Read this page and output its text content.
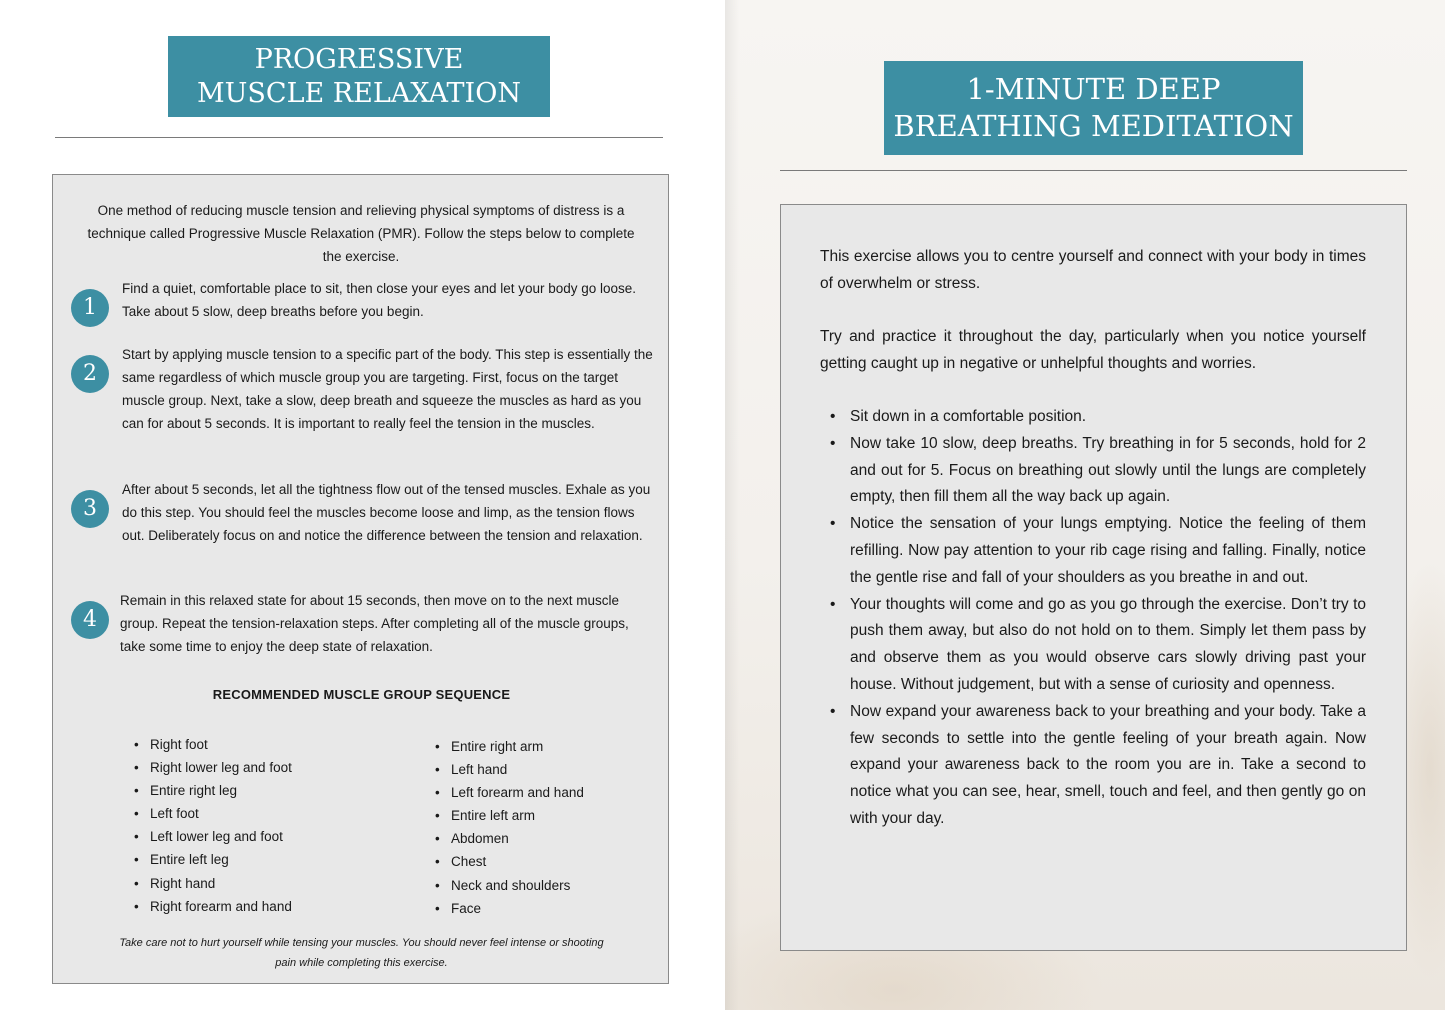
PROGRESSIVE
MUSCLE RELAXATION
One method of reducing muscle tension and relieving physical symptoms of distress is a technique called Progressive Muscle Relaxation (PMR). Follow the steps below to complete the exercise.
1
Find a quiet, comfortable place to sit, then close your eyes and let your body go loose. Take about 5 slow, deep breaths before you begin.
2
Start by applying muscle tension to a specific part of the body. This step is essentially the same regardless of which muscle group you are targeting. First, focus on the target muscle group. Next, take a slow, deep breath and squeeze the muscles as hard as you can for about 5 seconds. It is important to really feel the tension in the muscles.
3
After about 5 seconds, let all the tightness flow out of the tensed muscles. Exhale as you do this step. You should feel the muscles become loose and limp, as the tension flows out. Deliberately focus on and notice the difference between the tension and relaxation.
4
Remain in this relaxed state for about 15 seconds, then move on to the next muscle group. Repeat the tension-relaxation steps. After completing all of the muscle groups, take some time to enjoy the deep state of relaxation.
RECOMMENDED MUSCLE GROUP SEQUENCE
• Right foot
• Right lower leg and foot
• Entire right leg
• Left foot
• Left lower leg and foot
• Entire left leg
• Right hand
• Right forearm and hand
• Entire right arm
• Left hand
• Left forearm and hand
• Entire left arm
• Abdomen
• Chest
• Neck and shoulders
• Face
Take care not to hurt yourself while tensing your muscles. You should never feel intense or shooting pain while completing this exercise.
1-MINUTE DEEP
BREATHING MEDITATION
This exercise allows you to centre yourself and connect with your body in times of overwhelm or stress.
Try and practice it throughout the day, particularly when you notice yourself getting caught up in negative or unhelpful thoughts and worries.
• Sit down in a comfortable position.
• Now take 10 slow, deep breaths. Try breathing in for 5 seconds, hold for 2 and out for 5. Focus on breathing out slowly until the lungs are completely empty, then fill them all the way back up again.
• Notice the sensation of your lungs emptying. Notice the feeling of them refilling. Now pay attention to your rib cage rising and falling. Finally, notice the gentle rise and fall of your shoulders as you breathe in and out.
• Your thoughts will come and go as you go through the exercise. Don’t try to push them away, but also do not hold on to them. Simply let them pass by and observe them as you would observe cars slowly driving past your house. Without judgement, but with a sense of curiosity and openness.
• Now expand your awareness back to your breathing and your body. Take a few seconds to settle into the gentle feeling of your breath again. Now expand your awareness back to the room you are in. Take a second to notice what you can see, hear, smell, touch and feel, and then gently go on with your day.
